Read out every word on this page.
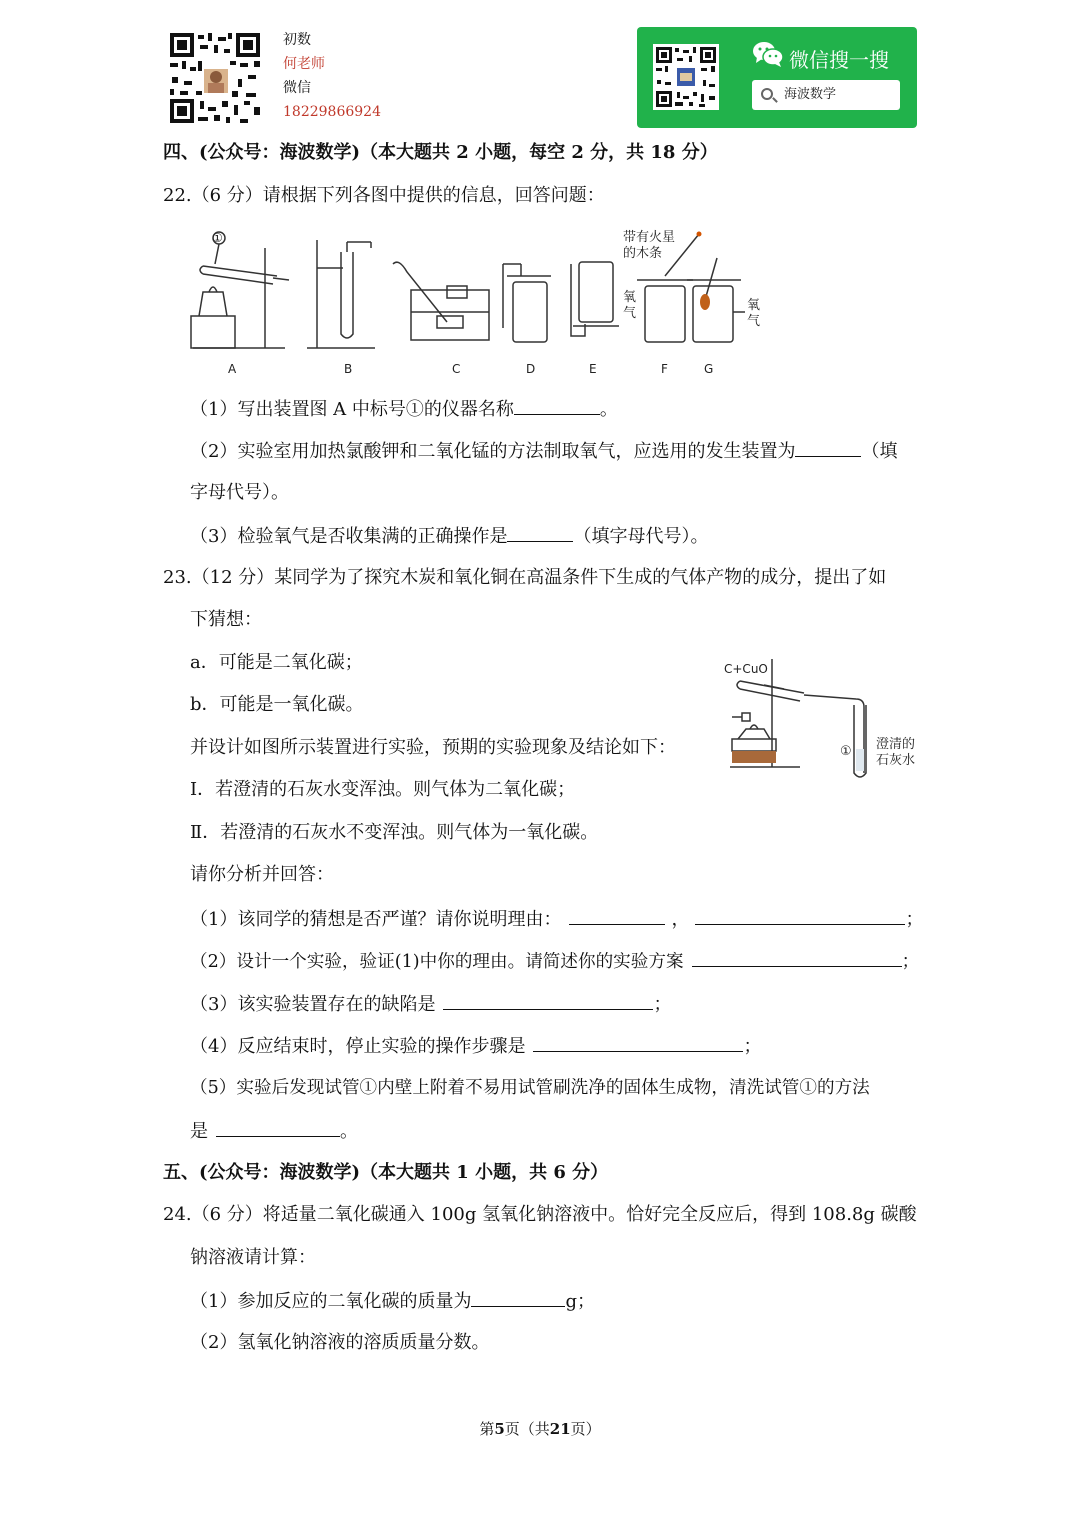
初数
何老师
微信
18229866924
微信搜一搜
海波数学
四、(公众号：海波数学)（本大题共 2 小题，每空 2 分，共 18 分）
22.（6 分）请根据下列各图中提供的信息，回答问题：
①	带有火星
的木条
氧
气
氧
气
A	B	C	D	E	F	G
（1）写出装置图 A 中标号①的仪器名称	。
（2）实验室用加热氯酸钾和二氧化锰的方法制取氧气，应选用的发生装置为	（填
字母代号）。
（3）检验氧气是否收集满的正确操作是	（填字母代号）。
23.（12 分）某同学为了探究木炭和氧化铜在高温条件下生成的气体产物的成分，提出了如
下猜想：
a．可能是二氧化碳；
b．可能是一氧化碳。
并设计如图所示装置进行实验，预期的实验现象及结论如下：
Ⅰ．若澄清的石灰水变浑浊。则气体为二氧化碳；
Ⅱ．若澄清的石灰水不变浑浊。则气体为一氧化碳。
请你分析并回答：
C+CuO
① 澄清的
石灰水
（1）该同学的猜想是否严谨？请你说明理由：	，	；
（2）设计一个实验，验证(1)中你的理由。请简述你的实验方案	；
（3）该实验装置存在的缺陷是	；
（4）反应结束时，停止实验的操作步骤是	；
（5）实验后发现试管①内壁上附着不易用试管刷洗净的固体生成物，清洗试管①的方法
是	。
五、(公众号：海波数学)（本大题共 1 小题，共 6 分）
24.（6 分）将适量二氧化碳通入 100g 氢氧化钠溶液中。恰好完全反应后，得到 108.8g 碳酸
钠溶液请计算：
（1）参加反应的二氧化碳的质量为	g；
（2）氢氧化钠溶液的溶质质量分数。
第5页（共21页）
